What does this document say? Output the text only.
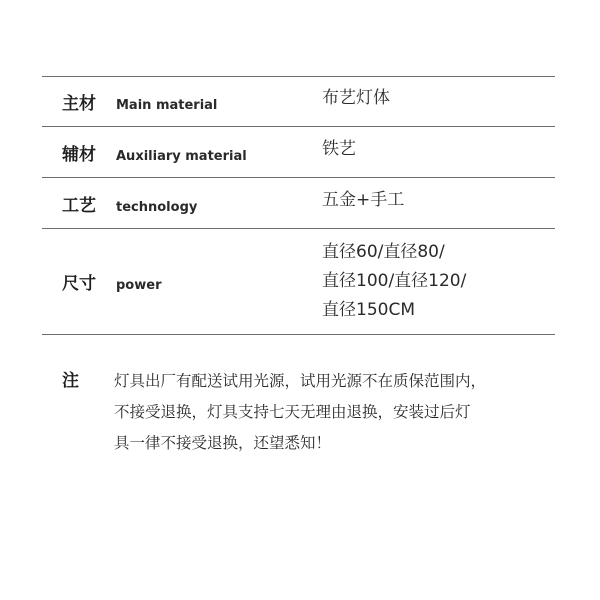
主材	Main material	布艺灯体
辅材	Auxiliary material	铁艺
工艺	technology	五金+手工
尺寸	power
直径60/直径80/
直径100/直径120/
直径150CM
注	灯具出厂有配送试用光源，试用光源不在质保范围内，
不接受退换，灯具支持七天无理由退换，安装过后灯
具一律不接受退换，还望悉知！
